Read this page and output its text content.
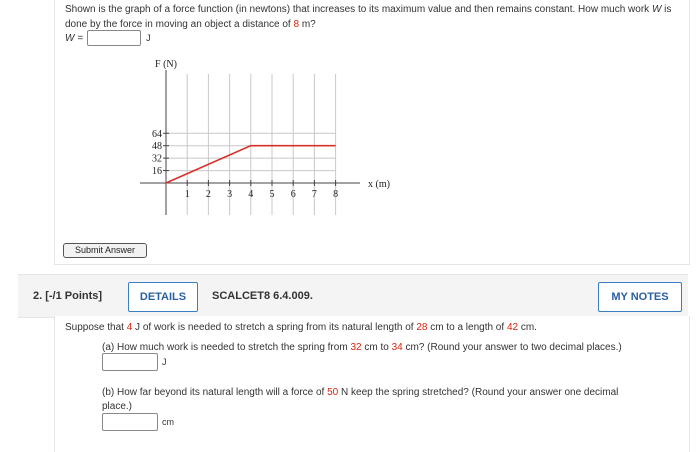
Shown is the graph of a force function (in newtons) that increases to its maximum value and then remains constant. How much work W is done by the force in moving an object a distance of 8 m?
W =	J
16
32
48
64
1 2 3 4 5 6 7 8
F (N)
x (m)
Submit Answer
2. [-/1 Points]	DETAILS	SCALCET8 6.4.009.	MY NOTES
Suppose that 4 J of work is needed to stretch a spring from its natural length of 28 cm to a length of 42 cm.
(a) How much work is needed to stretch the spring from 32 cm to 34 cm? (Round your answer to two decimal places.)
J
(b) How far beyond its natural length will a force of 50 N keep the spring stretched? (Round your answer one decimal
place.)
cm
